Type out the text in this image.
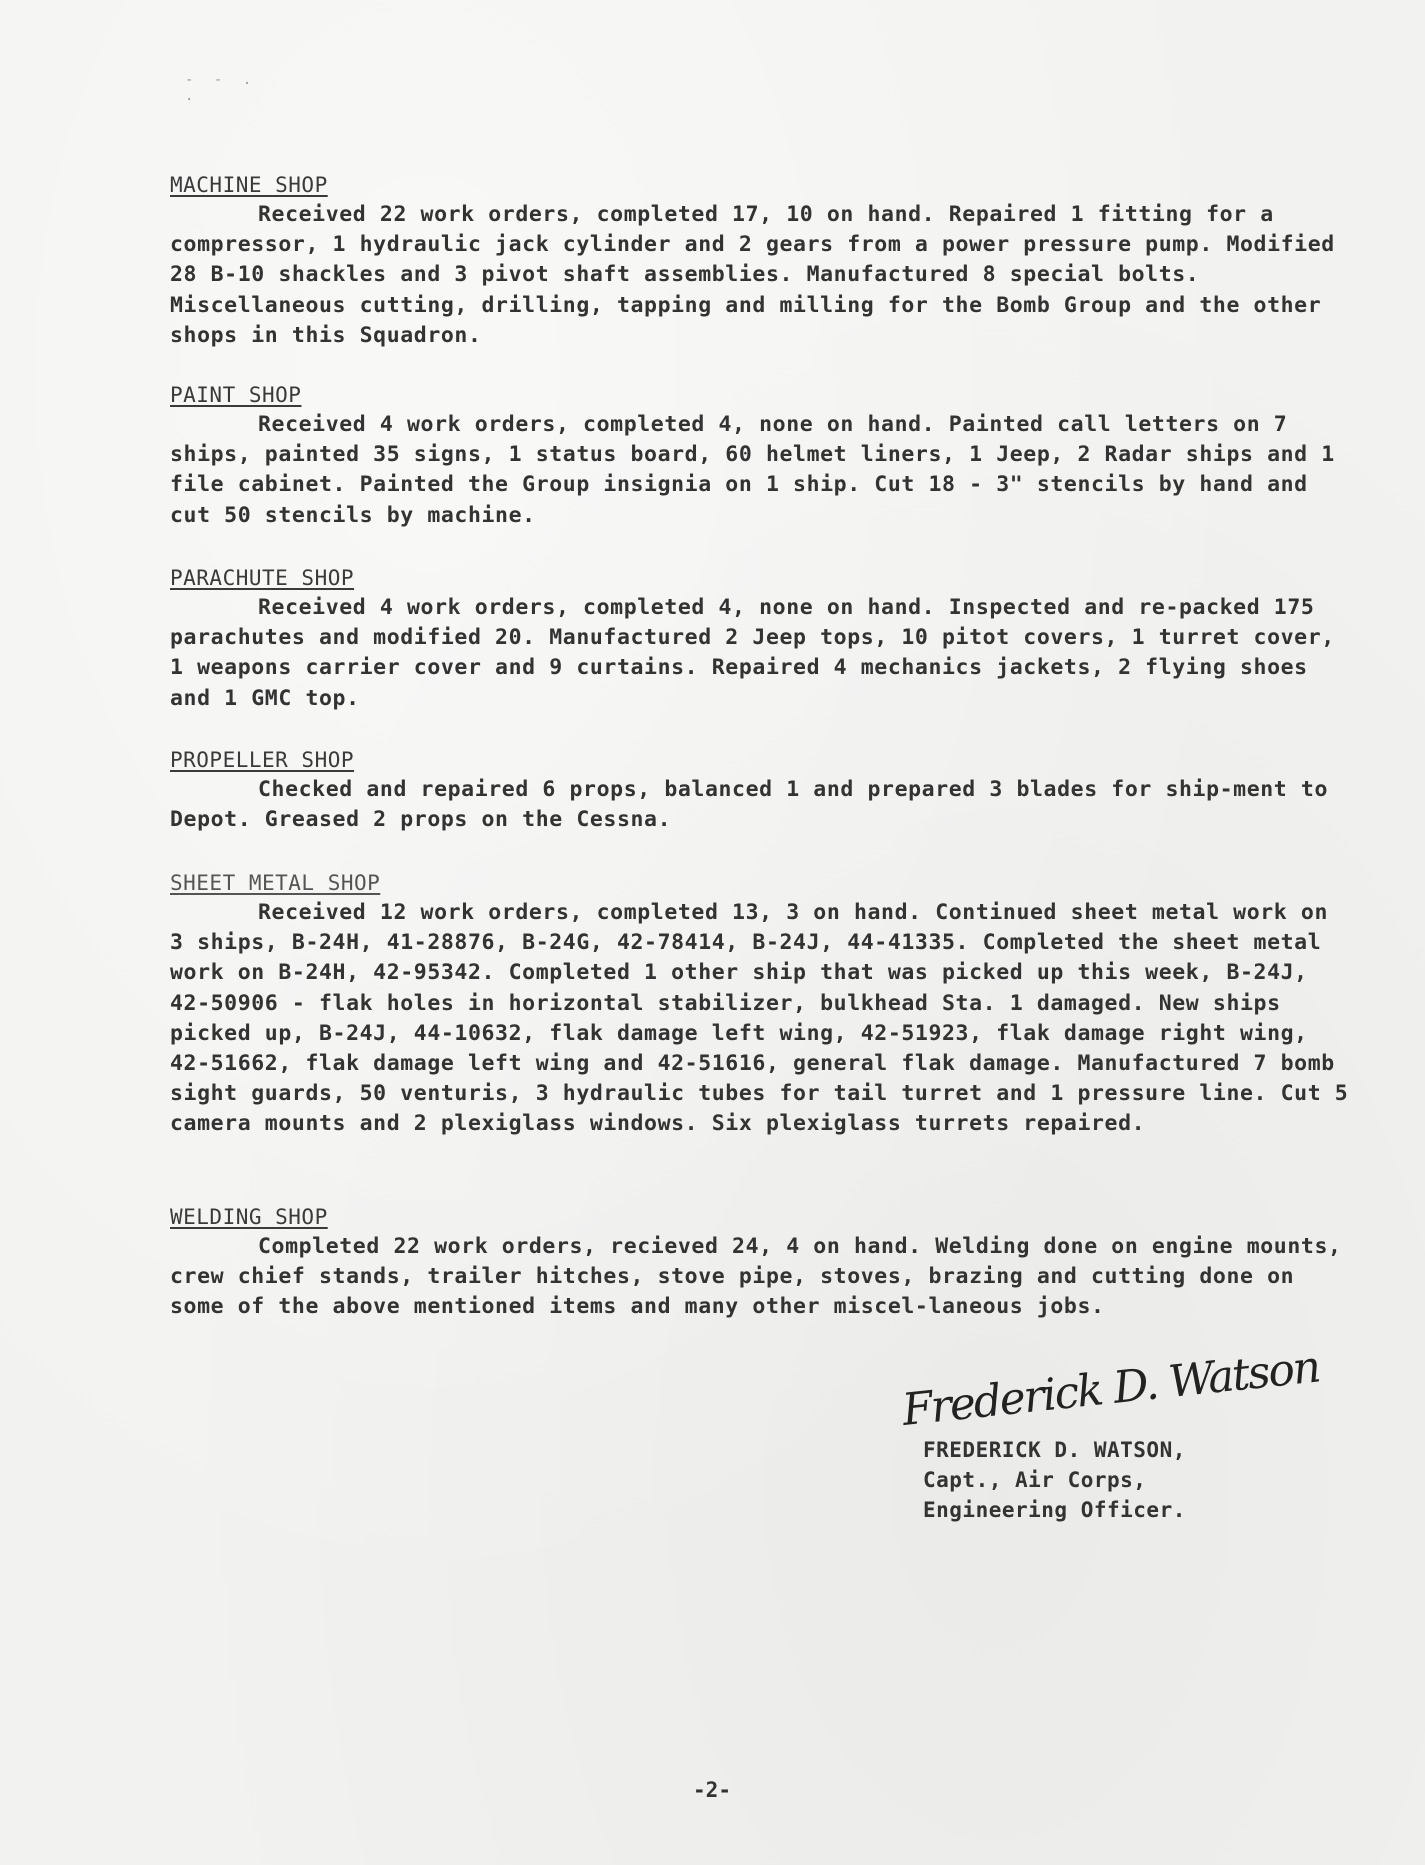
- - . .
MACHINE SHOP
Received 22 work orders, completed 17, 10 on hand. Repaired 1 fitting for a compressor, 1 hydraulic jack cylinder and 2 gears from a power pressure pump. Modified 28 B-10 shackles and 3 pivot shaft assemblies. Manufactured 8 special bolts. Miscellaneous cutting, drilling, tapping and milling for the Bomb Group and the other shops in this Squadron.
PAINT SHOP
Received 4 work orders, completed 4, none on hand. Painted call letters on 7 ships, painted 35 signs, 1 status board, 60 helmet liners, 1 Jeep, 2 Radar ships and 1 file cabinet. Painted the Group insignia on 1 ship. Cut 18 - 3" stencils by hand and cut 50 stencils by machine.
PARACHUTE SHOP
Received 4 work orders, completed 4, none on hand. Inspected and re-packed 175 parachutes and modified 20. Manufactured 2 Jeep tops, 10 pitot covers, 1 turret cover, 1 weapons carrier cover and 9 curtains. Repaired 4 mechanics jackets, 2 flying shoes and 1 GMC top.
PROPELLER SHOP
Checked and repaired 6 props, balanced 1 and prepared 3 blades for ship-ment to Depot. Greased 2 props on the Cessna.
SHEET METAL SHOP
Received 12 work orders, completed 13, 3 on hand. Continued sheet metal work on 3 ships, B-24H, 41-28876, B-24G, 42-78414, B-24J, 44-41335. Completed the sheet metal work on B-24H, 42-95342. Completed 1 other ship that was picked up this week, B-24J, 42-50906 - flak holes in horizontal stabilizer, bulkhead Sta. 1 damaged. New ships picked up, B-24J, 44-10632, flak damage left wing, 42-51923, flak damage right wing, 42-51662, flak damage left wing and 42-51616, general flak damage. Manufactured 7 bomb sight guards, 50 venturis, 3 hydraulic tubes for tail turret and 1 pressure line. Cut 5 camera mounts and 2 plexiglass windows. Six plexiglass turrets repaired.
WELDING SHOP
Completed 22 work orders, recieved 24, 4 on hand. Welding done on engine mounts, crew chief stands, trailer hitches, stove pipe, stoves, brazing and cutting done on some of the above mentioned items and many other miscel-laneous jobs.
Frederick D. Watson
FREDERICK D. WATSON,
Capt., Air Corps,
Engineering Officer.
-2-
